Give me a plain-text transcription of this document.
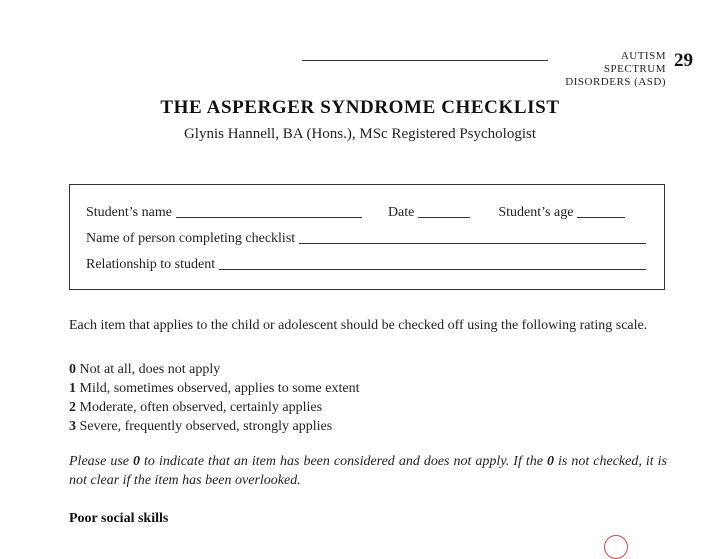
AUTISM
SPECTRUM
DISORDERS (ASD)
29
THE ASPERGER SYNDROME CHECKLIST
Glynis Hannell, BA (Hons.), MSc Registered Psychologist
Student’s name	Date	Student’s age
Name of person completing checklist
Relationship to student
Each item that applies to the child or adolescent should be checked off using the following rating scale.
0 Not at all, does not apply
1 Mild, sometimes observed, applies to some extent
2 Moderate, often observed, certainly applies
3 Severe, frequently observed, strongly applies
Please use 0 to indicate that an item has been considered and does not apply. If the 0 is not checked, it is not clear if the item has been overlooked.
Poor social skills
